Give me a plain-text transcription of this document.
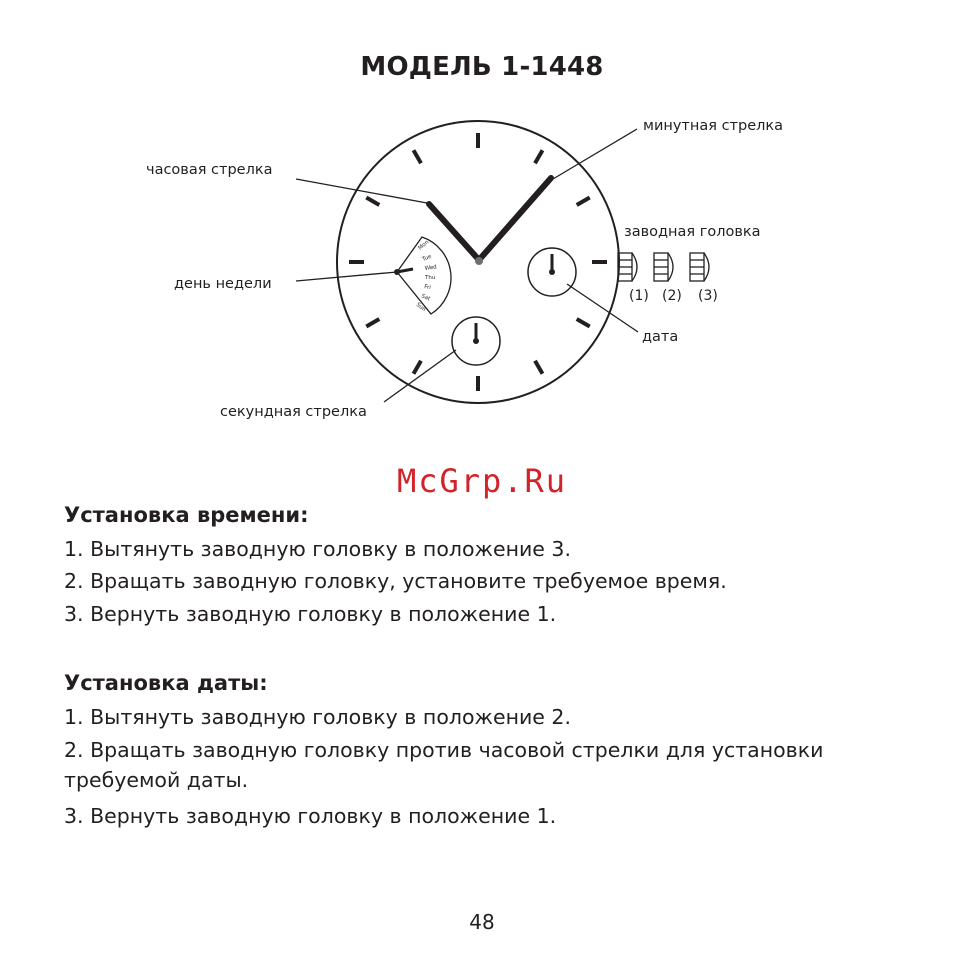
МОДЕЛЬ 1-1448
Mon
Tue
Wed
Thu
Fri
Sat
Sun
(1) (2) (3)
минутная стрелка
часовая стрелка
заводная головка
день недели
дата
секундная стрелка
McGrp.Ru
Установка времени:
1. Вытянуть заводную головку в положение 3.
2. Вращать заводную головку, установите требуемое время.
3. Вернуть заводную головку в положение 1.
Установка даты:
1. Вытянуть заводную головку в положение 2.
2. Вращать заводную головку против часовой стрелки для установки требуемой даты.
3. Вернуть заводную головку в положение 1.
48
